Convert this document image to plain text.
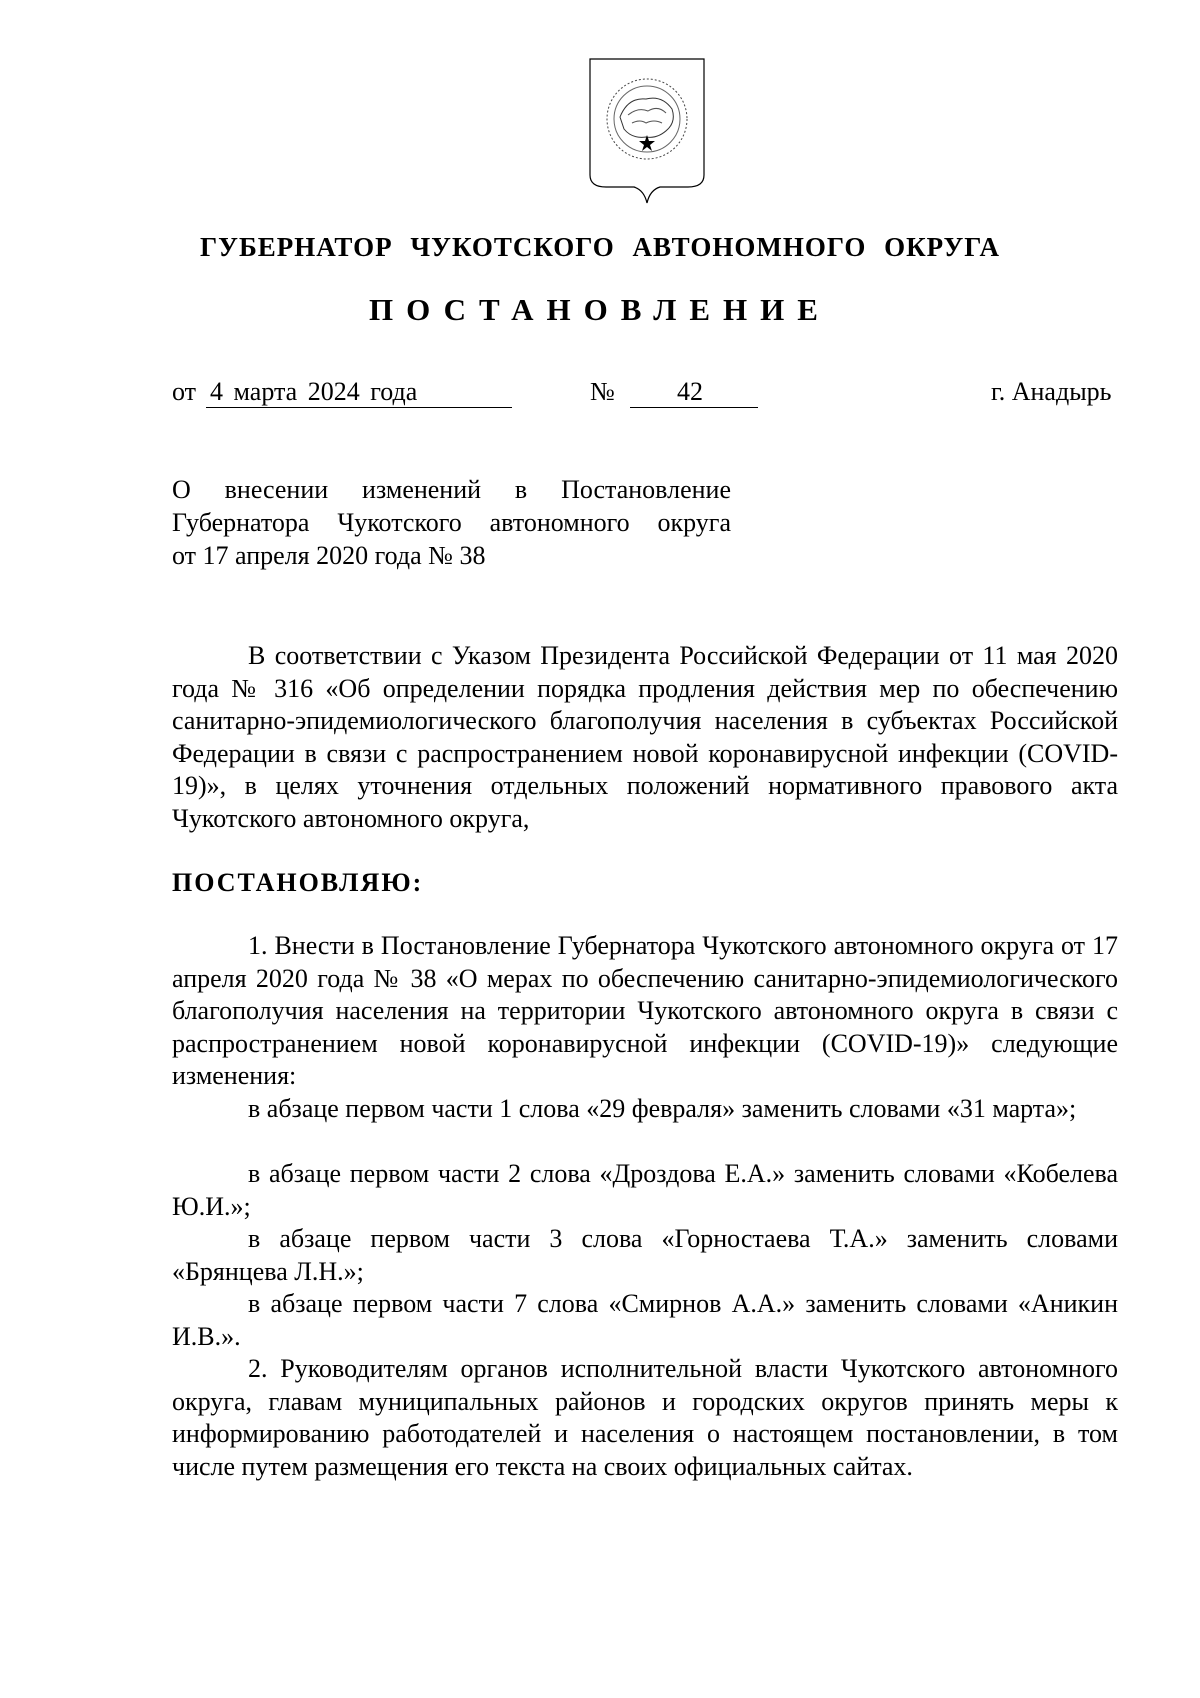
ГУБЕРНАТОР ЧУКОТСКОГО АВТОНОМНОГО ОКРУГА

ПОСТАНОВЛЕНИЕ

от 4 марта 2024 года	№ 42	г. Анадырь

О внесении изменений в Постановление
Губернатора Чукотского автономного округа
от 17 апреля 2020 года № 38

В соответствии с Указом Президента Российской Федерации от 11 мая 2020 года № 316 «Об определении порядка продления действия мер по обеспечению санитарно-эпидемиологического благополучия населения в субъектах Российской Федерации в связи с распространением новой коронавирусной инфекции (COVID-19)», в целях уточнения отдельных положений нормативного правового акта Чукотского автономного округа,

ПОСТАНОВЛЯЮ:

1. Внести в Постановление Губернатора Чукотского автономного округа от 17 апреля 2020 года № 38 «О мерах по обеспечению санитарно-эпидемиологического благополучия населения на территории Чукотского автономного округа в связи с распространением новой коронавирусной инфекции (COVID-19)» следующие изменения:

в абзаце первом части 1 слова «29 февраля» заменить словами «31 марта»;

в абзаце первом части 2 слова «Дроздова Е.А.» заменить словами «Кобелева Ю.И.»;

в абзаце первом части 3 слова «Горностаева Т.А.» заменить словами «Брянцева Л.Н.»;

в абзаце первом части 7 слова «Смирнов А.А.» заменить словами «Аникин И.В.».

2. Руководителям органов исполнительной власти Чукотского автономного округа, главам муниципальных районов и городских округов принять меры к информированию работодателей и населения о настоящем постановлении, в том числе путем размещения его текста на своих официальных сайтах.
